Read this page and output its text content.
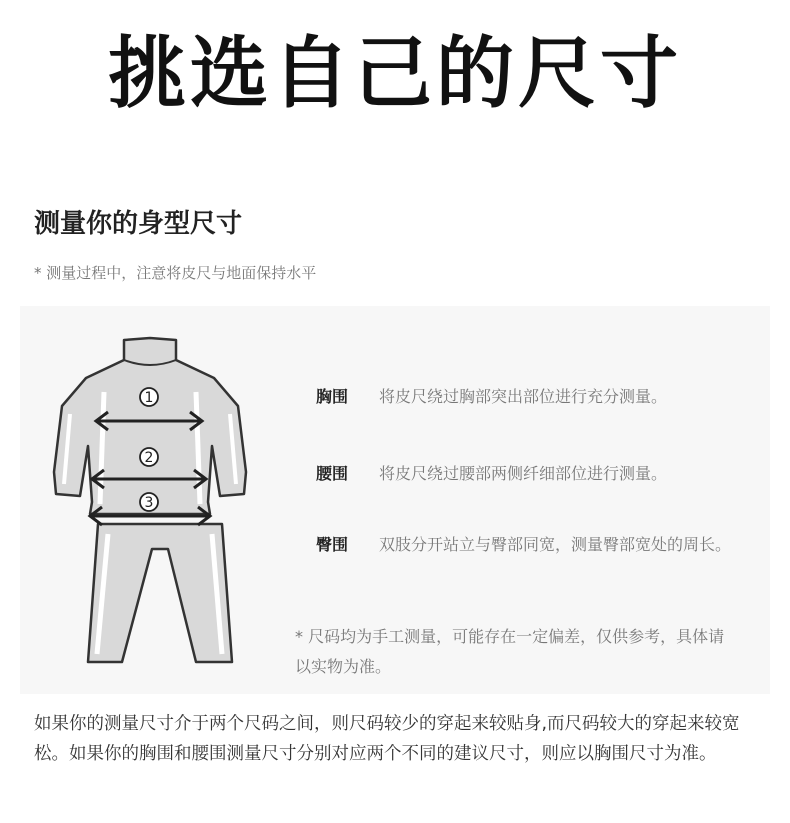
挑选自己的尺寸
测量你的身型尺寸
* 测量过程中，注意将皮尺与地面保持水平
1
2
3
胸围 将皮尺绕过胸部突出部位进行充分测量。
腰围 将皮尺绕过腰部两侧纤细部位进行测量。
臀围 双肢分开站立与臀部同宽，测量臀部宽处的周长。
* 尺码均为手工测量，可能存在一定偏差，仅供参考，具体请以实物为准。
如果你的测量尺寸介于两个尺码之间，则尺码较少的穿起来较贴身,而尺码较大的穿起来较宽松。如果你的胸围和腰围测量尺寸分别对应两个不同的建议尺寸，则应以胸围尺寸为准。
